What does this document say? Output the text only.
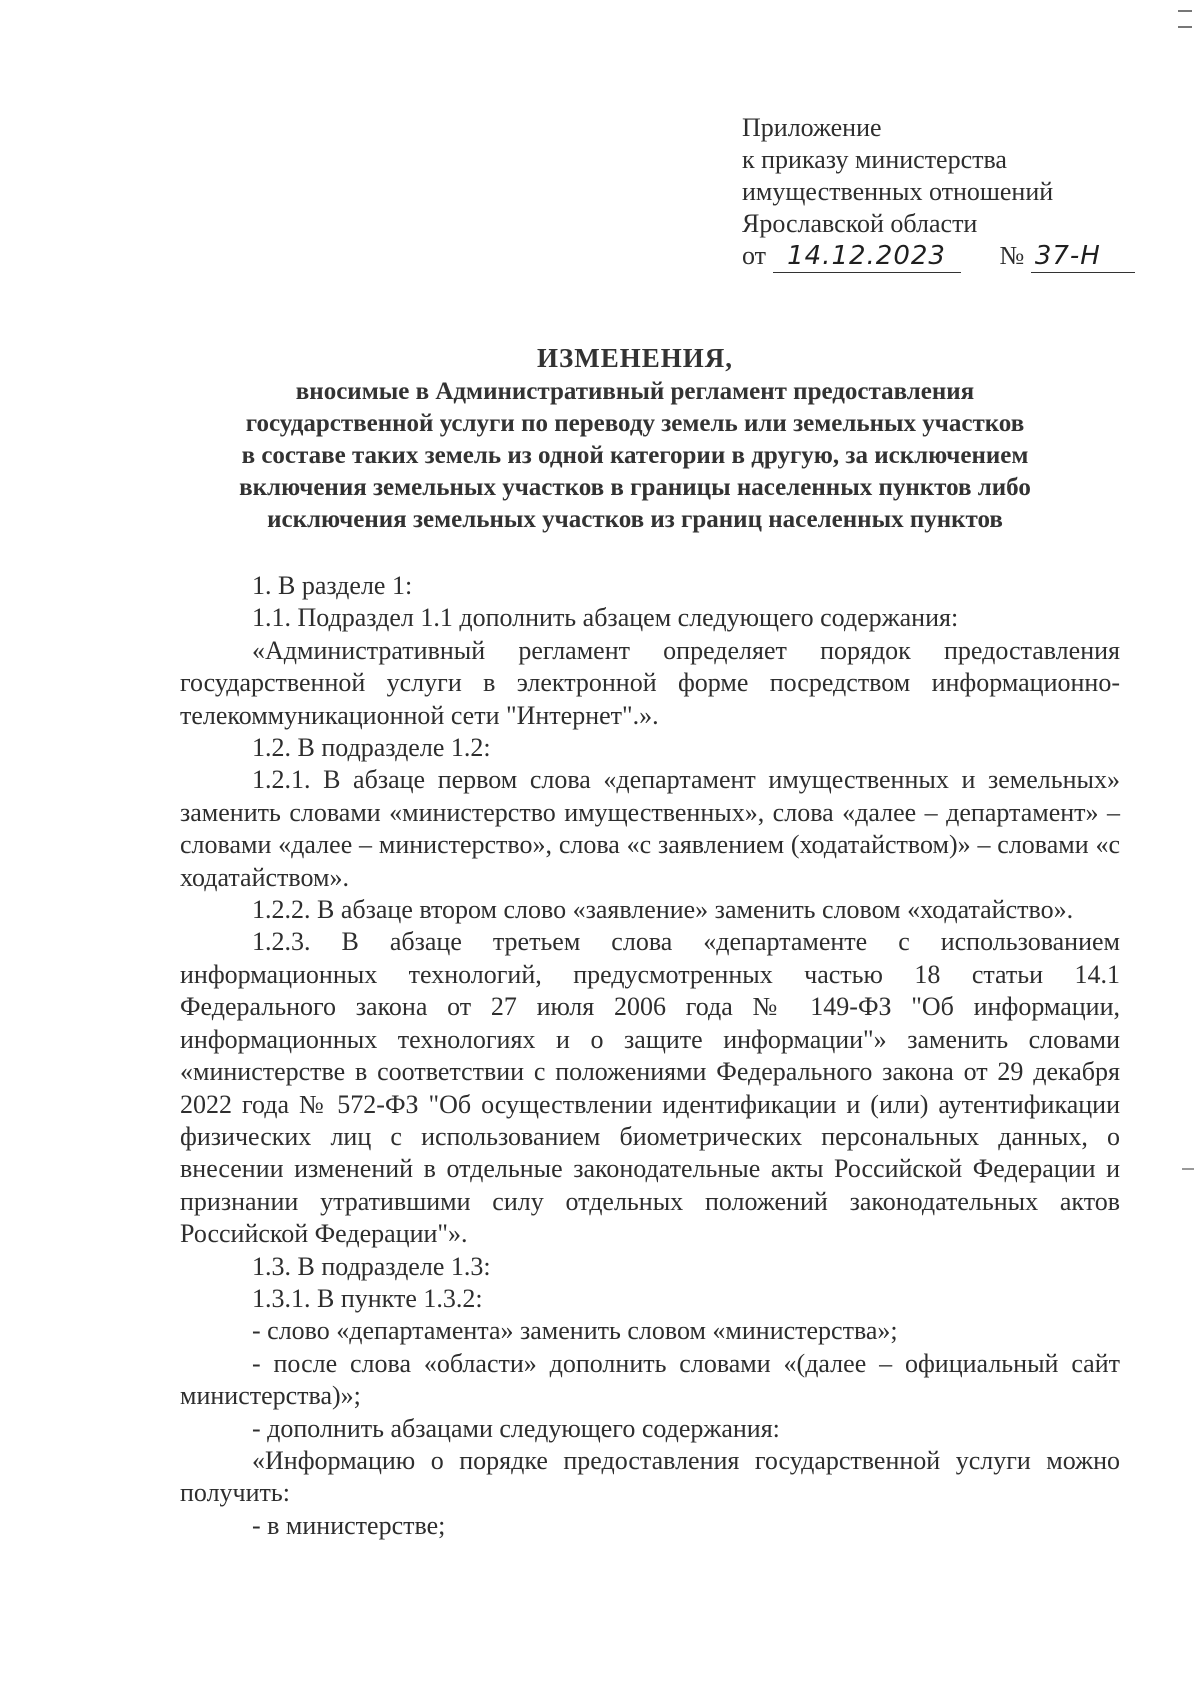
Приложение
к приказу министерства
имущественных отношений
Ярославской области
от 14.12.2023 № 37-Н
ИЗМЕНЕНИЯ,
вносимые в Административный регламент предоставления
государственной услуги по переводу земель или земельных участков
в составе таких земель из одной категории в другую, за исключением
включения земельных участков в границы населенных пунктов либо
исключения земельных участков из границ населенных пунктов

1. В разделе 1:

1.1. Подраздел 1.1 дополнить абзацем следующего содержания:

«Административный регламент определяет порядок предоставления государственной услуги в электронной форме посредством информационно-телекоммуникационной сети "Интернет".».

1.2. В подразделе 1.2:

1.2.1. В абзаце первом слова «департамент имущественных и земельных» заменить словами «министерство имущественных», слова «далее – департамент» – словами «далее – министерство», слова «с заявлением (ходатайством)» – словами «с ходатайством».

1.2.2. В абзаце втором слово «заявление» заменить словом «ходатайство».

1.2.3. В абзаце третьем слова «департаменте с использованием информационных технологий, предусмотренных частью 18 статьи 14.1 Федерального закона от 27 июля 2006 года № 149-ФЗ "Об информации, информационных технологиях и о защите информации"» заменить словами «министерстве в соответствии с положениями Федерального закона от 29 декабря 2022 года № 572-ФЗ "Об осуществлении идентификации и (или) аутентификации физических лиц с использованием биометрических персональных данных, о внесении изменений в отдельные законодательные акты Российской Федерации и признании утратившими силу отдельных положений законодательных актов Российской Федерации"».

1.3. В подразделе 1.3:

1.3.1. В пункте 1.3.2:

- слово «департамента» заменить словом «министерства»;

- после слова «области» дополнить словами «(далее – официальный сайт министерства)»;

- дополнить абзацами следующего содержания:

«Информацию о порядке предоставления государственной услуги можно получить:

- в министерстве;
